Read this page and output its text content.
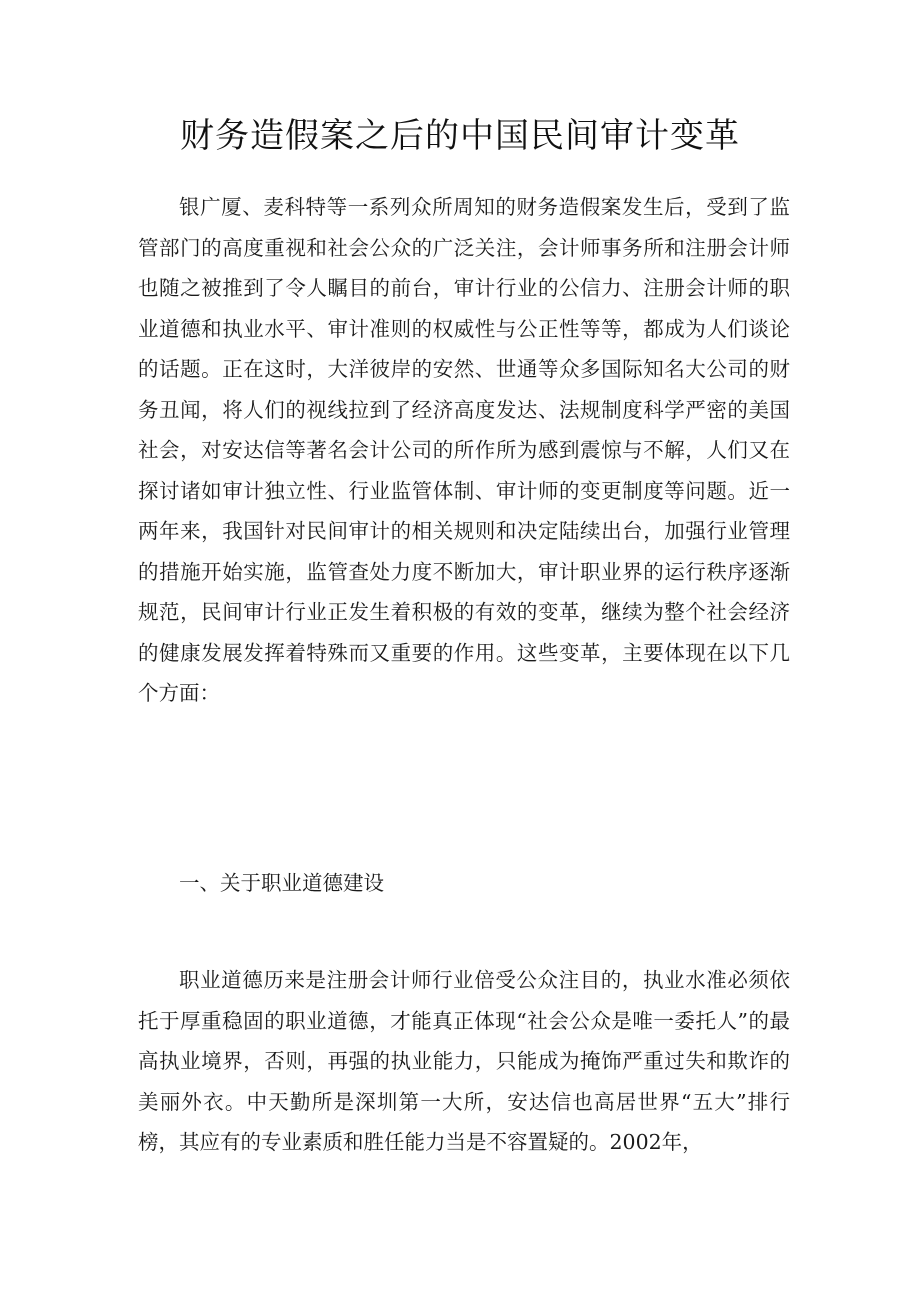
财务造假案之后的中国民间审计变革
银广厦、麦科特等一系列众所周知的财务造假案发生后，受到了监管部门的高度重视和社会公众的广泛关注，会计师事务所和注册会计师也随之被推到了令人瞩目的前台，审计行业的公信力、注册会计师的职业道德和执业水平、审计准则的权威性与公正性等等，都成为人们谈论的话题。正在这时，大洋彼岸的安然、世通等众多国际知名大公司的财务丑闻，将人们的视线拉到了经济高度发达、法规制度科学严密的美国社会，对安达信等著名会计公司的所作所为感到震惊与不解，人们又在探讨诸如审计独立性、行业监管体制、审计师的变更制度等问题。近一两年来，我国针对民间审计的相关规则和决定陆续出台，加强行业管理的措施开始实施，监管查处力度不断加大，审计职业界的运行秩序逐渐规范，民间审计行业正发生着积极的有效的变革，继续为整个社会经济的健康发展发挥着特殊而又重要的作用。这些变革，主要体现在以下几个方面：
一、关于职业道德建设
职业道德历来是注册会计师行业倍受公众注目的，执业水准必须依托于厚重稳固的职业道德，才能真正体现“社会公众是唯一委托人”的最高执业境界，否则，再强的执业能力，只能成为掩饰严重过失和欺诈的美丽外衣。中天勤所是深圳第一大所，安达信也高居世界“五大”排行榜，其应有的专业素质和胜任能力当是不容置疑的。2002年，
